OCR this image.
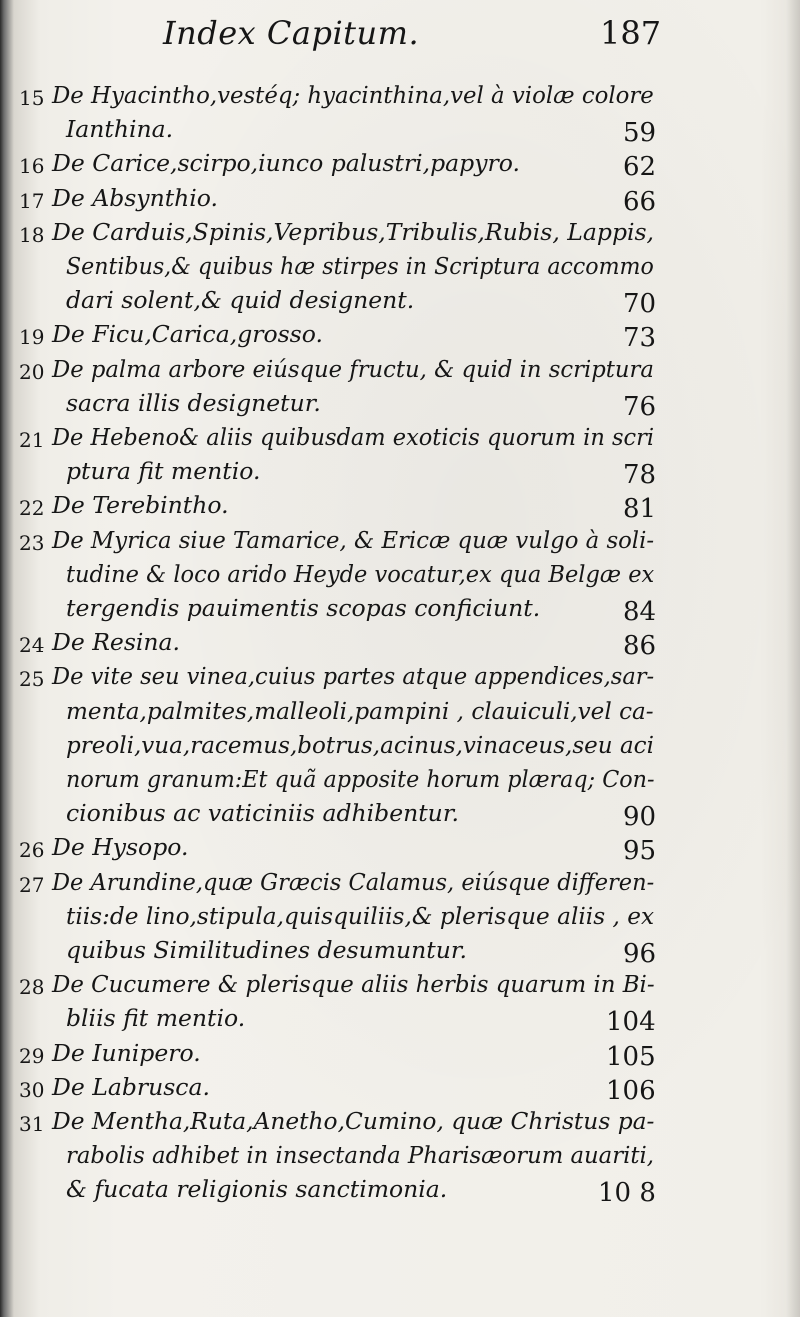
Index Capitum.	187
15 De Hyacintho,vestéq; hyacinthina,vel à violæ colore
Ianthina.	59
16 De Carice,scirpo,iunco palustri,papyro.	62
17 De Absynthio.	66
18 De Carduis,Spinis,Vepribus,Tribulis,Rubis, Lappis,
Sentibus,& quibus hæ stirpes in Scriptura accommo
dari solent,& quid designent.	70
19 De Ficu,Carica,grosso.	73
20 De palma arbore eiúsque fructu, & quid in scriptura
sacra illis designetur.	76
21 De Hebeno& aliis quibusdam exoticis quorum in scri
ptura fit mentio.	78
22 De Terebintho.	81
23 De Myrica siue Tamarice, & Ericæ quæ vulgo à soli-
tudine & loco arido Heyde vocatur,ex qua Belgæ ex
tergendis pauimentis scopas conficiunt.	84
24 De Resina.	86
25 De vite seu vinea,cuius partes atque appendices,sar-
menta,palmites,malleoli,pampini , clauiculi,vel ca-
preoli,vua,racemus,botrus,acinus,vinaceus,seu aci
norum granum:Et quã apposite horum plæraq; Con-
cionibus ac vaticiniis adhibentur.	90
26 De Hysopo.	95
27 De Arundine,quæ Græcis Calamus, eiúsque differen-
tiis:de lino,stipula,quisquiliis,& plerisque aliis , ex
quibus Similitudines desumuntur.	96
28 De Cucumere & plerisque aliis herbis quarum in Bi-
bliis fit mentio.	104
29 De Iunipero.	105
30 De Labrusca.	106
31 De Mentha,Ruta,Anetho,Cumino, quæ Christus pa-
rabolis adhibet in insectanda Pharisæorum auariti,
& fucata religionis sanctimonia.	10 8
